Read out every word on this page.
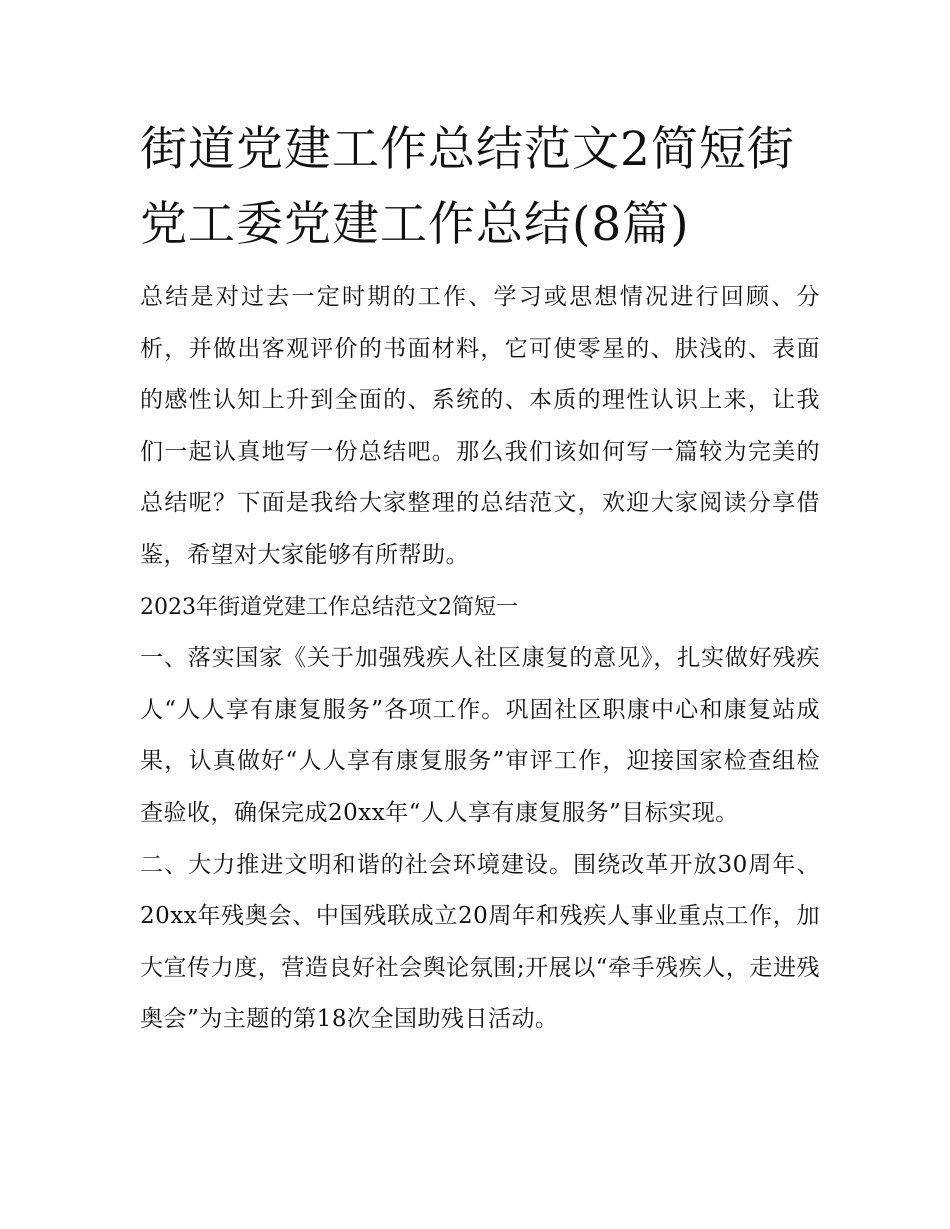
街道党建工作总结范文2简短街党工委党建工作总结(8篇)

总结是对过去一定时期的工作、学习或思想情况进行回顾、分析，并做出客观评价的书面材料，它可使零星的、肤浅的、表面的感性认知上升到全面的、系统的、本质的理性认识上来，让我们一起认真地写一份总结吧。那么我们该如何写一篇较为完美的总结呢？下面是我给大家整理的总结范文，欢迎大家阅读分享借鉴，希望对大家能够有所帮助。

2023年街道党建工作总结范文2简短一

一、落实国家《关于加强残疾人社区康复的意见》，扎实做好残疾人“人人享有康复服务”各项工作。巩固社区职康中心和康复站成果，认真做好“人人享有康复服务”审评工作，迎接国家检查组检查验收，确保完成20xx年“人人享有康复服务”目标实现。

二、大力推进文明和谐的社会环境建设。围绕改革开放30周年、20xx年残奥会、中国残联成立20周年和残疾人事业重点工作，加大宣传力度，营造良好社会舆论氛围;开展以“牵手残疾人，走进残奥会”为主题的第18次全国助残日活动。
